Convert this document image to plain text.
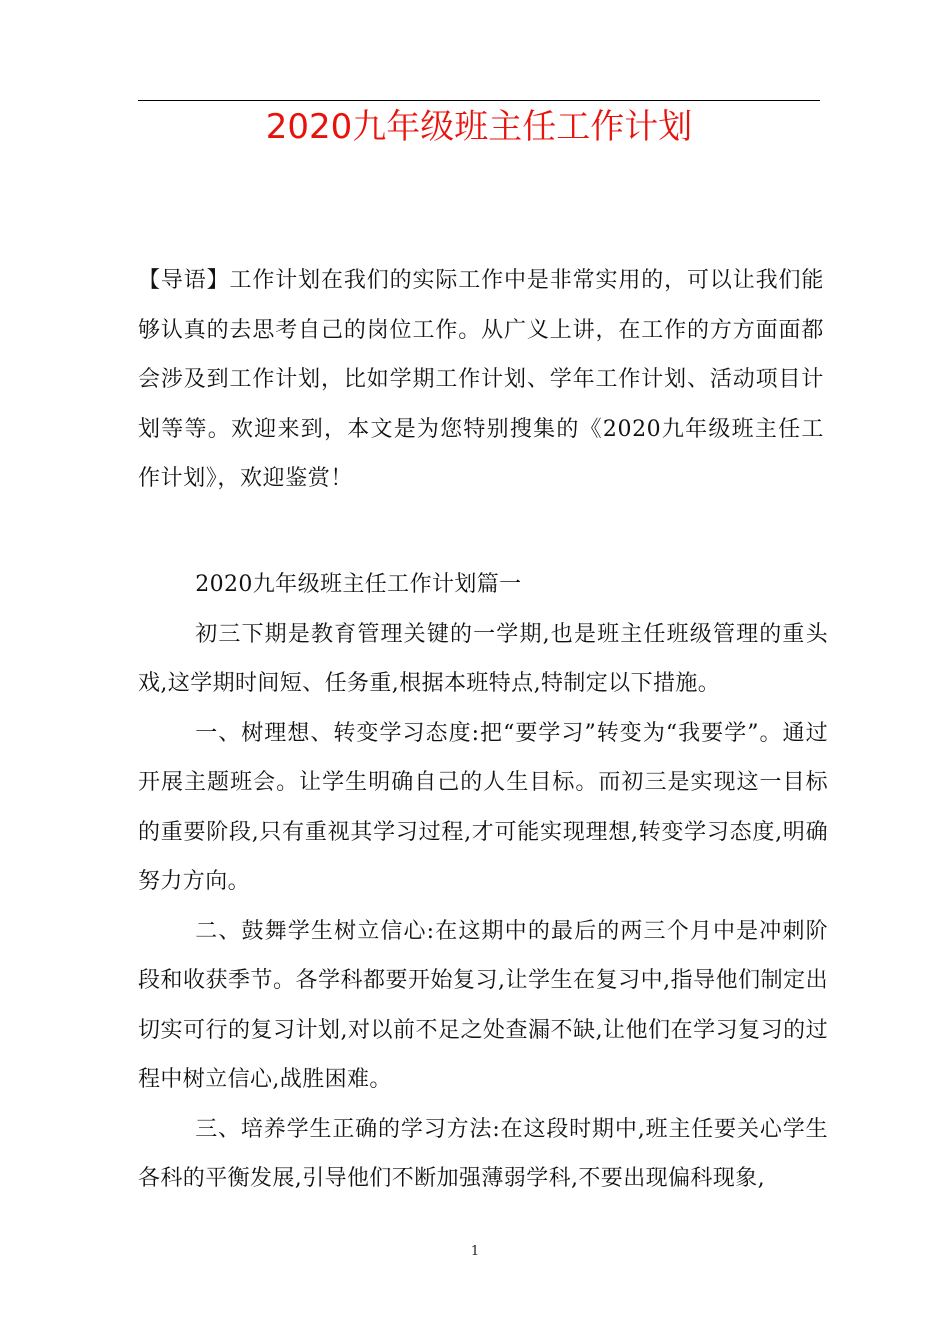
2020九年级班主任工作计划

【导语】工作计划在我们的实际工作中是非常实用的，可以让我们能够认真的去思考自己的岗位工作。从广义上讲，在工作的方方面面都会涉及到工作计划，比如学期工作计划、学年工作计划、活动项目计划等等。欢迎来到，本文是为您特别搜集的《2020九年级班主任工作计划》，欢迎鉴赏！

2020九年级班主任工作计划篇一

初三下期是教育管理关键的一学期,也是班主任班级管理的重头戏,这学期时间短、任务重,根据本班特点,特制定以下措施。

一、树理想、转变学习态度:把“要学习”转变为“我要学”。通过开展主题班会。让学生明确自己的人生目标。而初三是实现这一目标的重要阶段,只有重视其学习过程,才可能实现理想,转变学习态度,明确努力方向。

二、鼓舞学生树立信心:在这期中的最后的两三个月中是冲刺阶段和收获季节。各学科都要开始复习,让学生在复习中,指导他们制定出切实可行的复习计划,对以前不足之处查漏不缺,让他们在学习复习的过程中树立信心,战胜困难。

三、培养学生正确的学习方法:在这段时期中,班主任要关心学生各科的平衡发展,引导他们不断加强薄弱学科,不要出现偏科现象,

1
